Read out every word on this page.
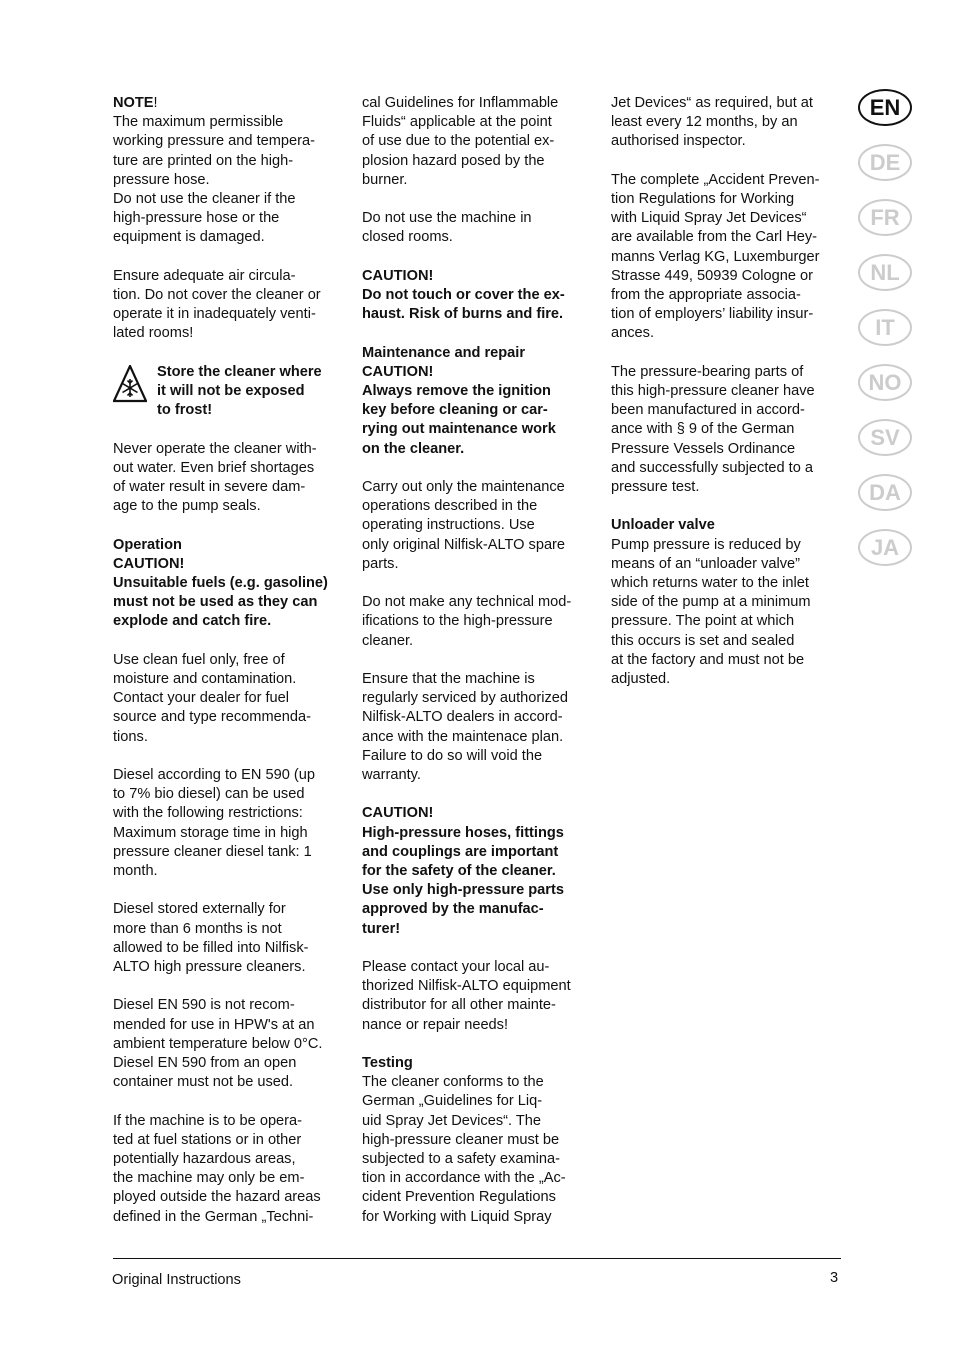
NOTE!
The maximum permissible
working pressure and tempera-
ture are printed on the high-
pressure hose.
Do not use the cleaner if the
high-pressure hose or the
equipment is damaged.

Ensure adequate air circula-
tion. Do not cover the cleaner or
operate it in inadequately venti-
lated rooms!

Store the cleaner where
it will not be exposed
to frost!

Never operate the cleaner with-
out water. Even brief shortages
of water result in severe dam-
age to the pump seals.

Operation
CAUTION!
Unsuitable fuels (e.g. gasoline)
must not be used as they can
explode and catch fire.

Use clean fuel only, free of
moisture and contamination.
Contact your dealer for fuel
source and type recommenda-
tions.

Diesel according to EN 590 (up
to 7% bio diesel) can be used
with the following restrictions:
Maximum storage time in high
pressure cleaner diesel tank: 1
month.

Diesel stored externally for
more than 6 months is not
allowed to be filled into Nilfisk-
ALTO high pressure cleaners.

Diesel EN 590 is not recom-
mended for use in HPW's at an
ambient temperature below 0°C.
Diesel EN 590 from an open
container must not be used.

If the machine is to be opera-
ted at fuel stations or in other
potentially hazardous areas,
the machine may only be em-
ployed outside the hazard areas
defined in the German „Techni-

cal Guidelines for Inflammable
Fluids“ applicable at the point
of use due to the potential ex-
plosion hazard posed by the
burner.

Do not use the machine in
closed rooms.

CAUTION!
Do not touch or cover the ex-
haust. Risk of burns and fire.

Maintenance and repair
CAUTION!
Always remove the ignition
key before cleaning or car-
rying out maintenance work
on the cleaner.

Carry out only the maintenance
operations described in the
operating instructions. Use
only original Nilfisk-ALTO spare
parts.

Do not make any technical mod-
ifications to the high-pressure
cleaner.

Ensure that the machine is
regularly serviced by authorized
Nilfisk-ALTO dealers in accord-
ance with the maintenace plan.
Failure to do so will void the
warranty.

CAUTION!
High-pressure hoses, fittings
and couplings are important
for the safety of the cleaner.
Use only high-pressure parts
approved by the manufac-
turer!

Please contact your local au-
thorized Nilfisk-ALTO equipment
distributor for all other mainte-
nance or repair needs!

Testing
The cleaner conforms to the
German „Guidelines for Liq-
uid Spray Jet Devices“. The
high-pressure cleaner must be
subjected to a safety examina-
tion in accordance with the „Ac-
cident Prevention Regulations
for Working with Liquid Spray

Jet Devices“ as required, but at
least every 12 months, by an
authorised inspector.

The complete „Accident Preven-
tion Regulations for Working
with Liquid Spray Jet Devices“
are available from the Carl Hey-
manns Verlag KG, Luxemburger
Strasse 449, 50939 Cologne or
from the appropriate associa-
tion of employers’ liability insur-
ances.

The pressure-bearing parts of
this high-pressure cleaner have
been manufactured in accord-
ance with § 9 of the German
Pressure Vessels Ordinance
and successfully subjected to a
pressure test.

Unloader valve
Pump pressure is reduced by
means of an “unloader valve”
which returns water to the inlet
side of the pump at a minimum
pressure. The point at which
this occurs is set and sealed
at the factory and must not be
adjusted.

EN
DE
FR
NL
IT
NO
SV
DA
JA
Original Instructions	3
